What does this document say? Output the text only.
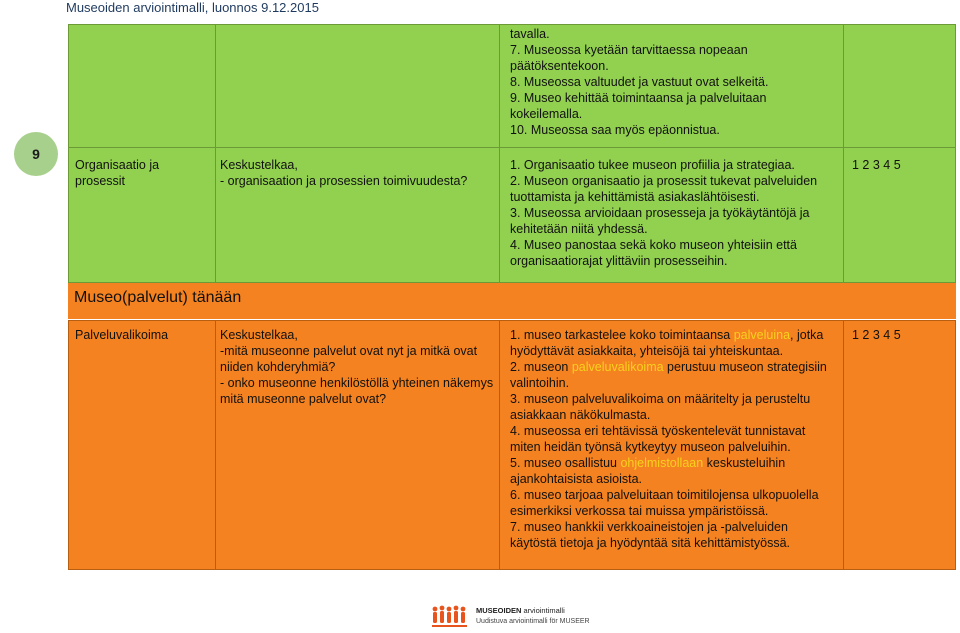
Museoiden arviointimalli, luonnos 9.12.2015
9

tavalla.

7. Museossa kyetään tarvittaessa nopeaan

päätöksentekoon.

8. Museossa valtuudet ja vastuut ovat selkeitä.

9. Museo kehittää toimintaansa ja palveluitaan

kokeilemalla.

10. Museossa saa myös epäonnistua.

Organisaatio ja

prosessit

Keskustelkaa,

- organisaation ja prosessien toimivuudesta?

1. Organisaatio tukee museon profiilia ja strategiaa.

2. Museon organisaatio ja prosessit tukevat palveluiden

tuottamista ja kehittämistä asiakaslähtöisesti.

3. Museossa arvioidaan prosesseja ja työkäytäntöjä ja

kehitetään niitä yhdessä.

4. Museo panostaa sekä koko museon yhteisiin että

organisaatiorajat ylittäviin prosesseihin.

1 2 3 4 5
Museo(palvelut) tänään
Palveluvalikoima	Keskustelkaa,

-mitä museonne palvelut ovat nyt ja mitkä ovat

niiden kohderyhmiä?

- onko museonne henkilöstöllä yhteinen näkemys

mitä museonne palvelut ovat?

1. museo tarkastelee koko toimintaansa palveluina, jotka

hyödyttävät asiakkaita, yhteisöjä tai yhteiskuntaa.

2. museon palveluvalikoima perustuu museon strategisiin

valintoihin.

3. museon palveluvalikoima on määritelty ja perusteltu

asiakkaan näkökulmasta.

4. museossa eri tehtävissä työskentelevät tunnistavat

miten heidän työnsä kytkeytyy museon palveluihin.

5. museo osallistuu ohjelmistollaan keskusteluihin

ajankohtaisista asioista.

6. museo tarjoaa palveluitaan toimitilojensa ulkopuolella

esimerkiksi verkossa tai muissa ympäristöissä.

7. museo hankkii verkkoaineistojen ja -palveluiden

käytöstä tietoja ja hyödyntää sitä kehittämistyössä.

1 2 3 4 5
MUSEOIDEN arviointimalli
Uudistuva arviointimalli för MUSEER
